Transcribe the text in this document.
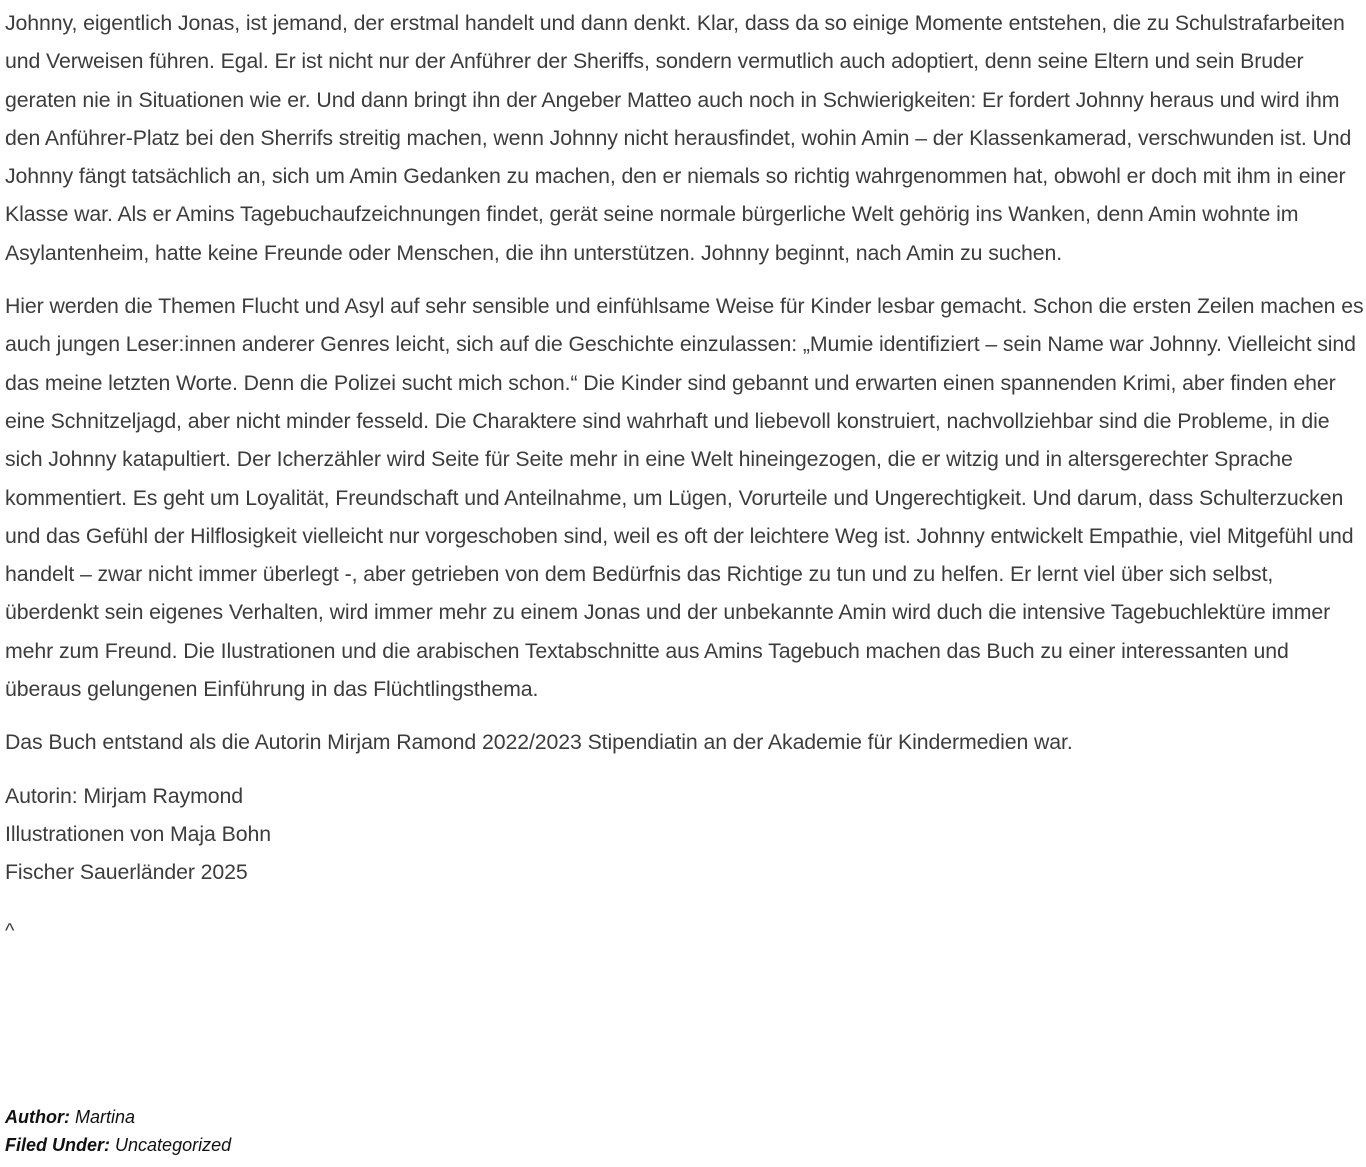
Johnny, eigentlich Jonas, ist jemand, der erstmal handelt und dann denkt. Klar, dass da so einige Momente entstehen, die zu Schulstrafarbeiten und Verweisen führen. Egal. Er ist nicht nur der Anführer der Sheriffs, sondern vermutlich auch adoptiert, denn seine Eltern und sein Bruder geraten nie in Situationen wie er. Und dann bringt ihn der Angeber Matteo auch noch in Schwierigkeiten: Er fordert Johnny heraus und wird ihm den Anführer-Platz bei den Sherrifs streitig machen, wenn Johnny nicht herausfindet, wohin Amin – der Klassenkamerad, verschwunden ist. Und Johnny fängt tatsächlich an, sich um Amin Gedanken zu machen, den er niemals so richtig wahrgenommen hat, obwohl er doch mit ihm in einer Klasse war. Als er Amins Tagebuchaufzeichnungen findet, gerät seine normale bürgerliche Welt gehörig ins Wanken, denn Amin wohnte im Asylantenheim, hatte keine Freunde oder Menschen, die ihn unterstützen. Johnny beginnt, nach Amin zu suchen.

Hier werden die Themen Flucht und Asyl auf sehr sensible und einfühlsame Weise für Kinder lesbar gemacht. Schon die ersten Zeilen machen es auch jungen Leser:innen anderer Genres leicht, sich auf die Geschichte einzulassen: „Mumie identifiziert – sein Name war Johnny. Vielleicht sind das meine letzten Worte. Denn die Polizei sucht mich schon.“ Die Kinder sind gebannt und erwarten einen spannenden Krimi, aber finden eher eine Schnitzeljagd, aber nicht minder fesseld. Die Charaktere sind wahrhaft und liebevoll konstruiert, nachvollziehbar sind die Probleme, in die sich Johnny katapultiert. Der Icherzähler wird Seite für Seite mehr in eine Welt hineingezogen, die er witzig und in altersgerechter Sprache kommentiert. Es geht um Loyalität, Freundschaft und Anteilnahme, um Lügen, Vorurteile und Ungerechtigkeit. Und darum, dass Schulterzucken und das Gefühl der Hilflosigkeit vielleicht nur vorgeschoben sind, weil es oft der leichtere Weg ist. Johnny entwickelt Empathie, viel Mitgefühl und handelt – zwar nicht immer überlegt -, aber getrieben von dem Bedürfnis das Richtige zu tun und zu helfen. Er lernt viel über sich selbst, überdenkt sein eigenes Verhalten, wird immer mehr zu einem Jonas und der unbekannte Amin wird duch die intensive Tagebuchlektüre immer mehr zum Freund. Die Ilustrationen und die arabischen Textabschnitte aus Amins Tagebuch machen das Buch zu einer interessanten und überaus gelungenen Einführung in das Flüchtlingsthema.

Das Buch entstand als die Autorin Mirjam Ramond 2022/2023 Stipendiatin an der Akademie für Kindermedien war.

Autorin: Mirjam Raymond

Illustrationen von Maja Bohn

Fischer Sauerländer 2025

^
Author: Martina
Filed Under: Uncategorized
